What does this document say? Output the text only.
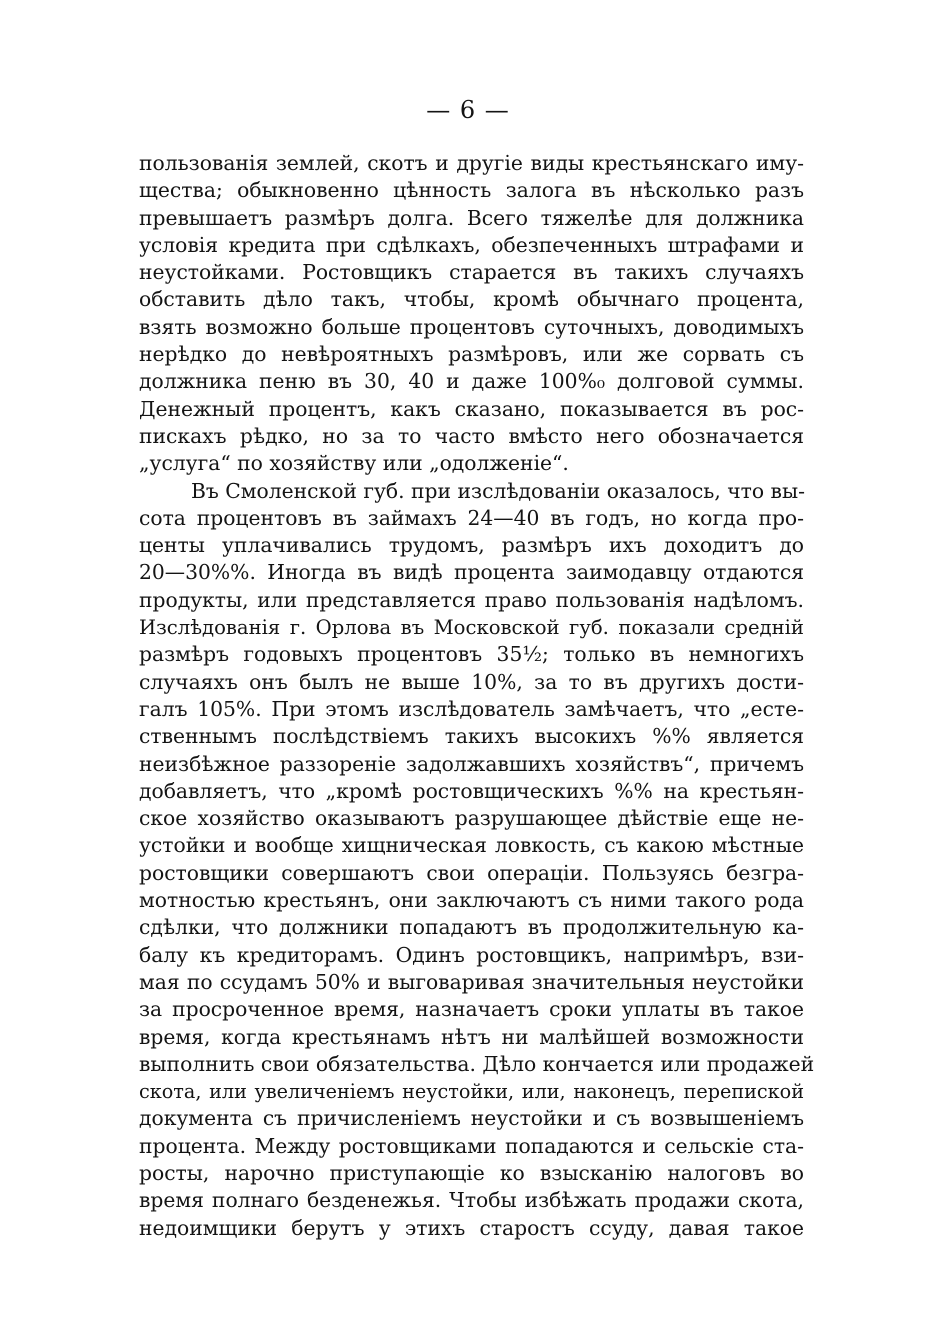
— 6 —
пользованія землей, скотъ и другіе виды крестьянскаго иму-
щества; обыкновенно цѣнность залога въ нѣсколько разъ
превышаетъ размѣръ долга. Всего тяжелѣе для должника
условія кредита при сдѣлкахъ, обезпеченныхъ штрафами и
неустойками. Ростовщикъ старается въ такихъ случаяхъ
обставить дѣло такъ, чтобы, кромѣ обычнаго процента,
взять возможно больше процентовъ суточныхъ, доводимыхъ
нерѣдко до невѣроятныхъ размѣровъ, или же сорвать съ
должника пеню въ 30, 40 и даже 100%₀ долговой суммы.
Денежный процентъ, какъ сказано, показывается въ рос-
пискахъ рѣдко, но за то часто вмѣсто него обозначается
„услуга“ по хозяйству или „одолженіе“.
Въ Смоленской губ. при изслѣдованіи оказалось, что вы-
сота процентовъ въ займахъ 24—40 въ годъ, но когда про-
центы уплачивались трудомъ, размѣръ ихъ доходитъ до
20—30%%. Иногда въ видѣ процента заимодавцу отдаются
продукты, или представляется право пользованія надѣломъ.
Изслѣдованія г. Орлова въ Московской губ. показали средній
размѣръ годовыхъ процентовъ 35½; только въ немногихъ
случаяхъ онъ былъ не выше 10%, за то въ другихъ дости-
галъ 105%. При этомъ изслѣдователь замѣчаетъ, что „есте-
ственнымъ послѣдствіемъ такихъ высокихъ %% является
неизбѣжное раззореніе задолжавшихъ хозяйствъ“, причемъ
добавляетъ, что „кромѣ ростовщическихъ %% на крестьян-
ское хозяйство оказываютъ разрушающее дѣйствіе еще не-
устойки и вообще хищническая ловкость, съ какою мѣстные
ростовщики совершаютъ свои операціи. Пользуясь безгра-
мотностью крестьянъ, они заключаютъ съ ними такого рода
сдѣлки, что должники попадаютъ въ продолжительную ка-
балу къ кредиторамъ. Одинъ ростовщикъ, напримѣръ, взи-
мая по ссудамъ 50% и выговаривая значительныя неустойки
за просроченное время, назначаетъ сроки уплаты въ такое
время, когда крестьянамъ нѣтъ ни малѣйшей возможности
выполнить свои обязательства. Дѣло кончается или продажей
скота, или увеличеніемъ неустойки, или, наконецъ, перепиской
документа съ причисленіемъ неустойки и съ возвышеніемъ
процента. Между ростовщиками попадаются и сельскіе ста-
росты, нарочно приступающіе ко взысканію налоговъ во
время полнаго безденежья. Чтобы избѣжать продажи скота,
недоимщики берутъ у этихъ старостъ ссуду, давая такое
